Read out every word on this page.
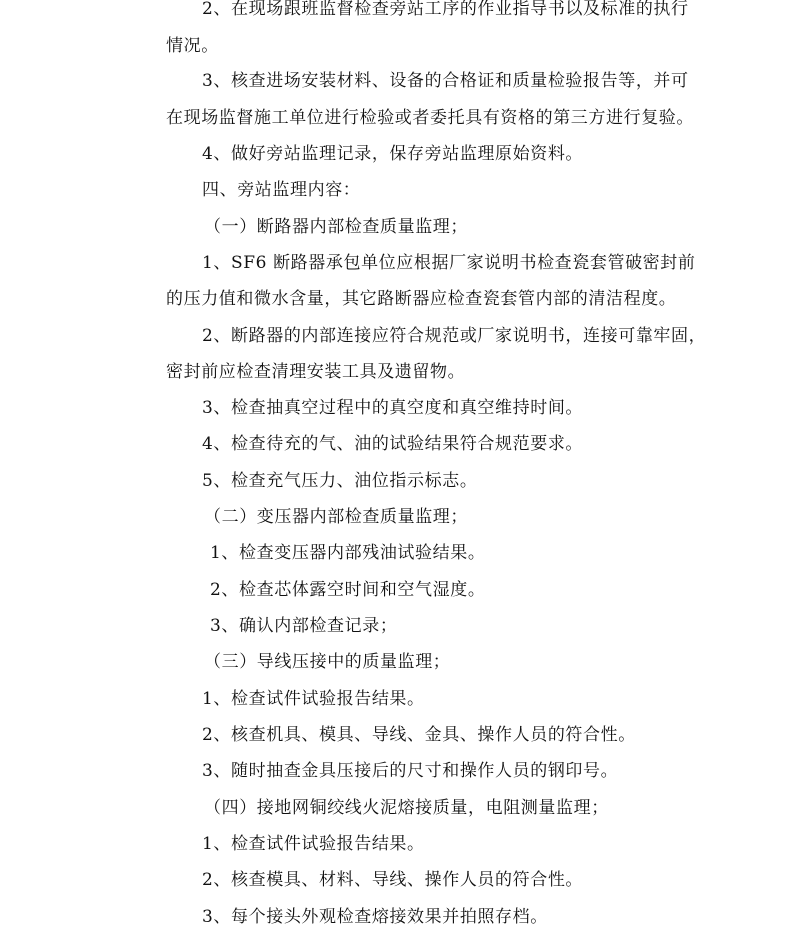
2、在现场跟班监督检查旁站工序的作业指导书以及标准的执行
情况。
3、核查进场安装材料、设备的合格证和质量检验报告等，并可
在现场监督施工单位进行检验或者委托具有资格的第三方进行复验。
4、做好旁站监理记录，保存旁站监理原始资料。
四、旁站监理内容：
（一）断路器内部检查质量监理；
1、SF6 断路器承包单位应根据厂家说明书检查瓷套管破密封前
的压力值和微水含量，其它路断器应检查瓷套管内部的清洁程度。
2、断路器的内部连接应符合规范或厂家说明书，连接可靠牢固，
密封前应检查清理安装工具及遗留物。
3、检查抽真空过程中的真空度和真空维持时间。
4、检查待充的气、油的试验结果符合规范要求。
5、检查充气压力、油位指示标志。
（二）变压器内部检查质量监理；
1、检查变压器内部残油试验结果。
2、检查芯体露空时间和空气湿度。
3、确认内部检查记录；
（三）导线压接中的质量监理；
1、检查试件试验报告结果。
2、核查机具、模具、导线、金具、操作人员的符合性。
3、随时抽查金具压接后的尺寸和操作人员的钢印号。
（四）接地网铜绞线火泥熔接质量，电阻测量监理；
1、检查试件试验报告结果。
2、核查模具、材料、导线、操作人员的符合性。
3、每个接头外观检查熔接效果并拍照存档。
